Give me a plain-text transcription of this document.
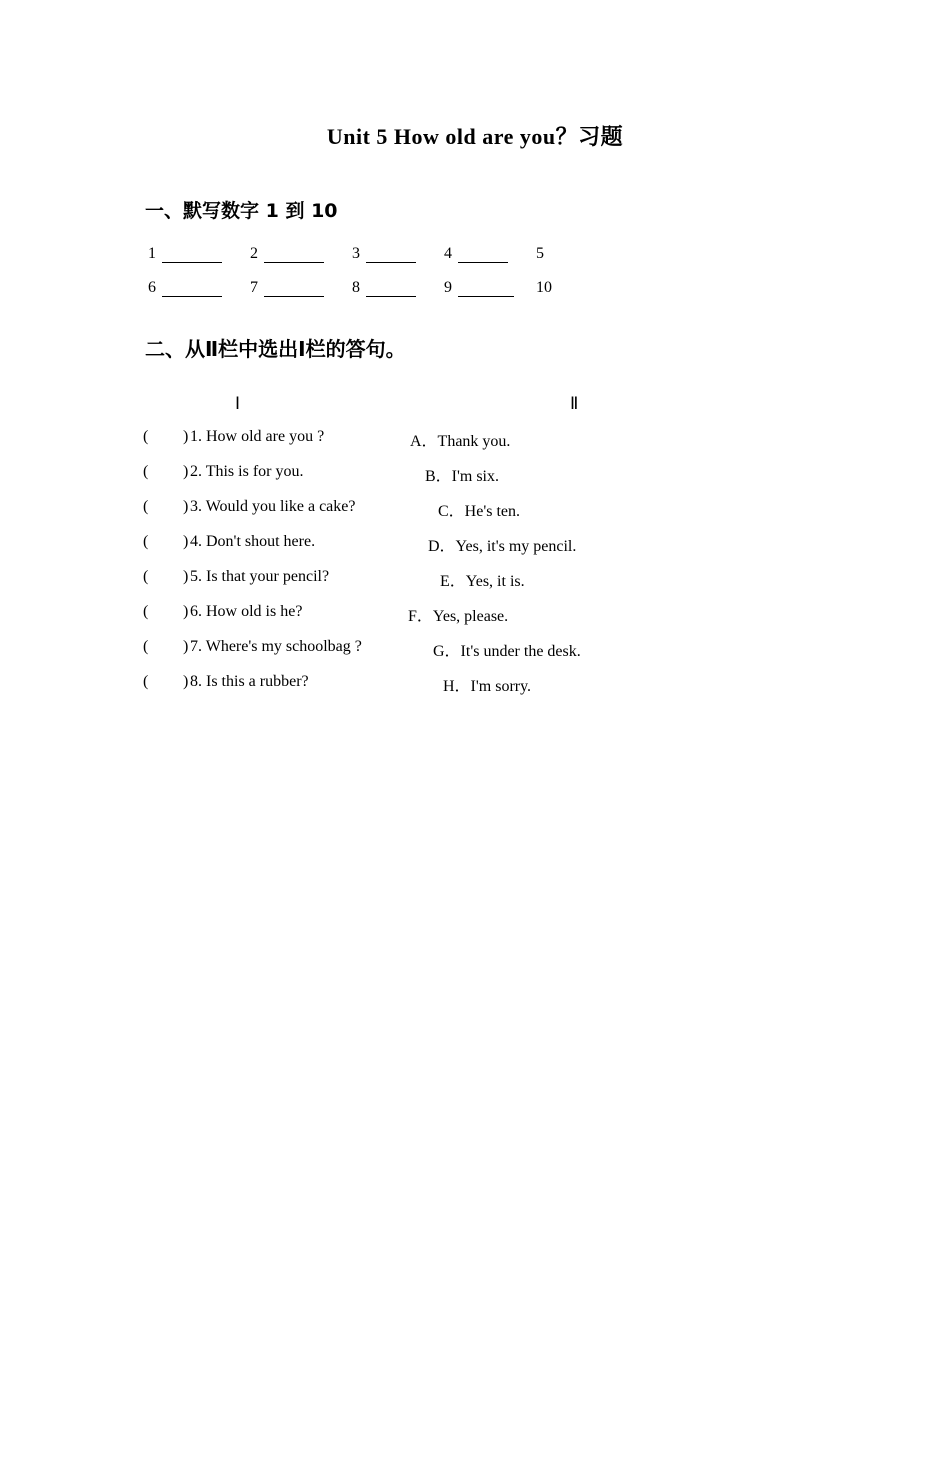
Unit 5 How old are you？习题
一、默写数字 1 到 10
1	2	3	4	5
6	7	8	9	10
二、从Ⅱ栏中选出Ⅰ栏的答句。
Ⅰ	Ⅱ
( ) 1. How old are you ?	A．Thank you.
( ) 2. This is for you.	B．I'm six.
( ) 3. Would you like a cake?	C．He's ten.
( ) 4. Don't shout here.	D．Yes, it's my pencil.
( ) 5. Is that your pencil?	E．Yes, it is.
( ) 6. How old is he?	F．Yes, please.
( ) 7. Where's my schoolbag ?	G．It's under the desk.
( ) 8. Is this a rubber?	H．I'm sorry.
